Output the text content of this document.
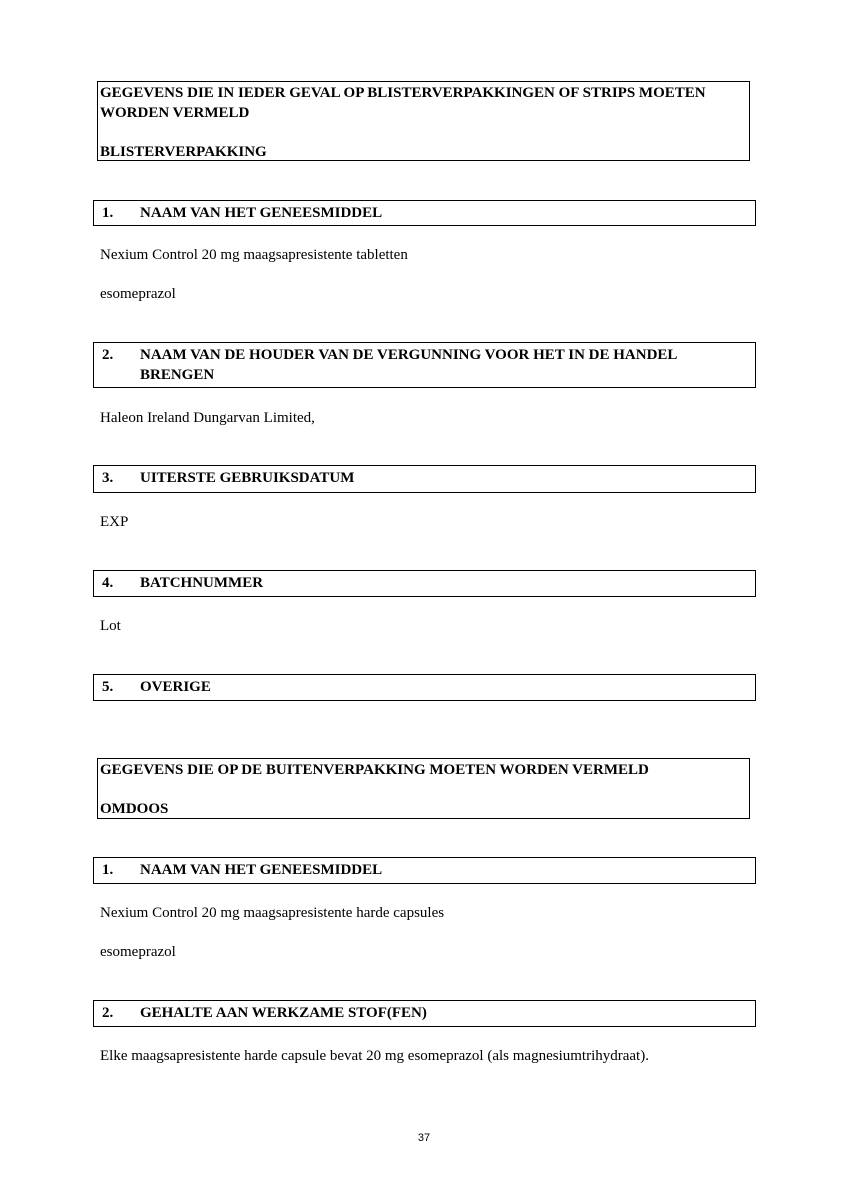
GEGEVENS DIE IN IEDER GEVAL OP BLISTERVERPAKKINGEN OF STRIPS MOETEN WORDEN VERMELD
BLISTERVERPAKKING
1.	NAAM VAN HET GENEESMIDDEL
Nexium Control 20 mg maagsapresistente tabletten
esomeprazol
2.	NAAM VAN DE HOUDER VAN DE VERGUNNING VOOR HET IN DE HANDEL BRENGEN
Haleon Ireland Dungarvan Limited,
3.	UITERSTE GEBRUIKSDATUM
EXP
4.	BATCHNUMMER
Lot
5.	OVERIGE
GEGEVENS DIE OP DE BUITENVERPAKKING MOETEN WORDEN VERMELD
OMDOOS
1.	NAAM VAN HET GENEESMIDDEL
Nexium Control 20 mg maagsapresistente harde capsules
esomeprazol
2.	GEHALTE AAN WERKZAME STOF(FEN)
Elke maagsapresistente harde capsule bevat 20 mg esomeprazol (als magnesiumtrihydraat).
37
